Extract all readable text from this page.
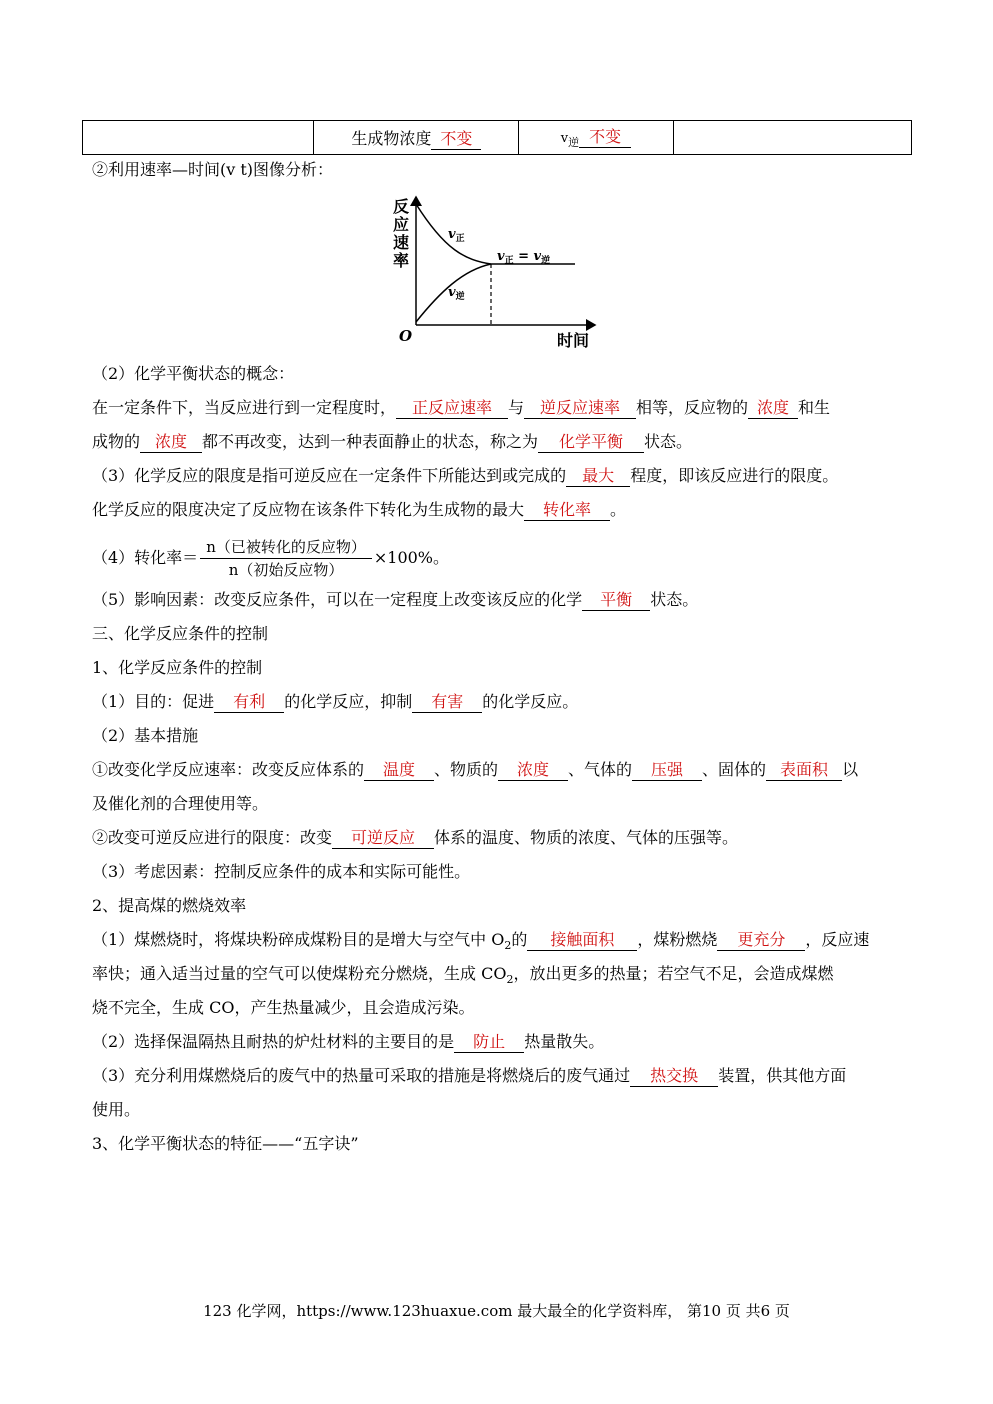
	生成物浓度 不变	$v_逆$ 不变	
②利用速率—时间(v t)图像分析：
反
应
速
率
O	时间
$v_正$
$v_逆$
$v_正 = v_逆$
（2）化学平衡状态的概念：
在一定条件下，当反应进行到一定程度时， 正反应速率 与 逆反应速率 相等，反应物的 浓度 和生
成物的 浓度 都不再改变，达到一种表面静止的状态，称之为 化学平衡 状态。
（3）化学反应的限度是指可逆反应在一定条件下所能达到或完成的 最大 程度，即该反应进行的限度。
化学反应的限度决定了反应物在该条件下转化为生成物的最大 转化率 。
（4）转化率＝ $\frac{\text{n（已被转化的反应物）}}{\text{n（初始反应物）}} \times 100\%$。
（5）影响因素：改变反应条件，可以在一定程度上改变该反应的化学 平衡 状态。
三、化学反应条件的控制
1、化学反应条件的控制
（1）目的：促进 有利 的化学反应，抑制 有害 的化学反应。
（2）基本措施
①改变化学反应速率：改变反应体系的 温度 、物质的 浓度 、气体的 压强 、固体的 表面积 以
及催化剂的合理使用等。
②改变可逆反应进行的限度：改变 可逆反应 体系的温度、物质的浓度、气体的压强等。
（3）考虑因素：控制反应条件的成本和实际可能性。
2、提高煤的燃烧效率
（1）煤燃烧时，将煤块粉碎成煤粉目的是增大与空气中 $O_2$的 接触面积 ，煤粉燃烧 更充分 ，反应速
率快；通入适当过量的空气可以使煤粉充分燃烧，生成 $CO_2$，放出更多的热量；若空气不足，会造成煤燃
烧不完全，生成 CO，产生热量减少，且会造成污染。
（2）选择保温隔热且耐热的炉灶材料的主要目的是 防止 热量散失。
（3）充分利用煤燃烧后的废气中的热量可采取的措施是将燃烧后的废气通过 热交换 装置，供其他方面
使用。
3、化学平衡状态的特征——“五字诀”
123 化学网，https://www.123huaxue.com 最大最全的化学资料库， 第10 页 共6 页
